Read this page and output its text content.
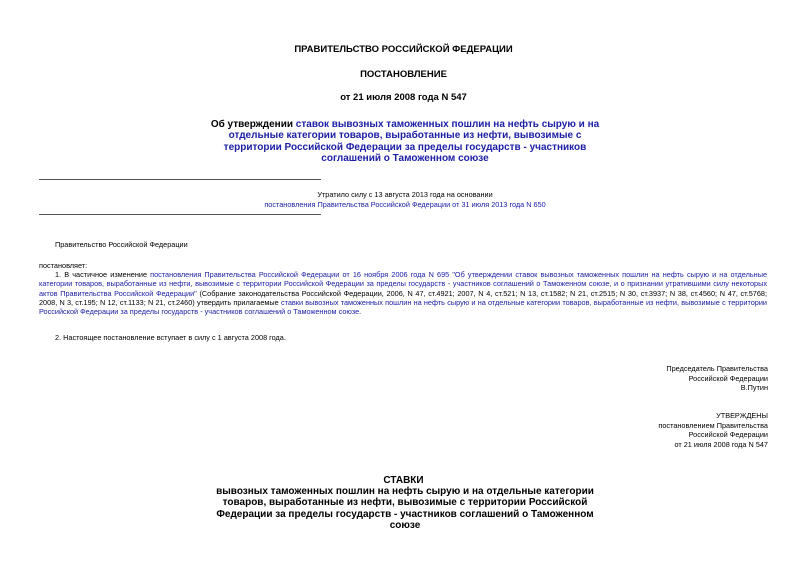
ПРАВИТЕЛЬСТВО РОССИЙСКОЙ ФЕДЕРАЦИИ
ПОСТАНОВЛЕНИЕ
от 21 июля 2008 года N 547
Об утверждении ставок вывозных таможенных пошлин на нефть сырую и на отдельные категории товаров, выработанные из нефти, вывозимые с территории Российской Федерации за пределы государств - участников соглашений о Таможенном союзе
Утратило силу с 13 августа 2013 года на основании
постановления Правительства Российской Федерации от 31 июля 2013 года N 650
Правительство Российской Федерации
постановляет:
1. В частичное изменение постановления Правительства Российской Федерации от 16 ноября 2006 года N 695 "Об утверждении ставок вывозных таможенных пошлин на нефть сырую и на отдельные категории товаров, выработанные из нефти, вывозимые с территории Российской Федерации за пределы государств - участников соглашений о Таможенном союзе, и о признании утратившими силу некоторых актов Правительства Российской Федерации" (Собрание законодательства Российской Федерации, 2006, N 47, ст.4921; 2007, N 4, ст.521; N 13, ст.1582; N 21, ст.2515; N 30, ст.3937; N 38, ст.4560; N 47, ст.5768; 2008, N 3, ст.195; N 12, ст.1133; N 21, ст.2460) утвердить прилагаемые ставки вывозных таможенных пошлин на нефть сырую и на отдельные категории товаров, выработанные из нефти, вывозимые с территории Российской Федерации за пределы государств - участников соглашений о Таможенном союзе.
2. Настоящее постановление вступает в силу с 1 августа 2008 года.
Председатель Правительства
Российской Федерации
В.Путин
УТВЕРЖДЕНЫ
постановлением Правительства
Российской Федерации
от 21 июля 2008 года N 547
СТАВКИ
вывозных таможенных пошлин на нефть сырую и на отдельные категории товаров, выработанные из нефти, вывозимые с территории Российской Федерации за пределы государств - участников соглашений о Таможенном союзе
